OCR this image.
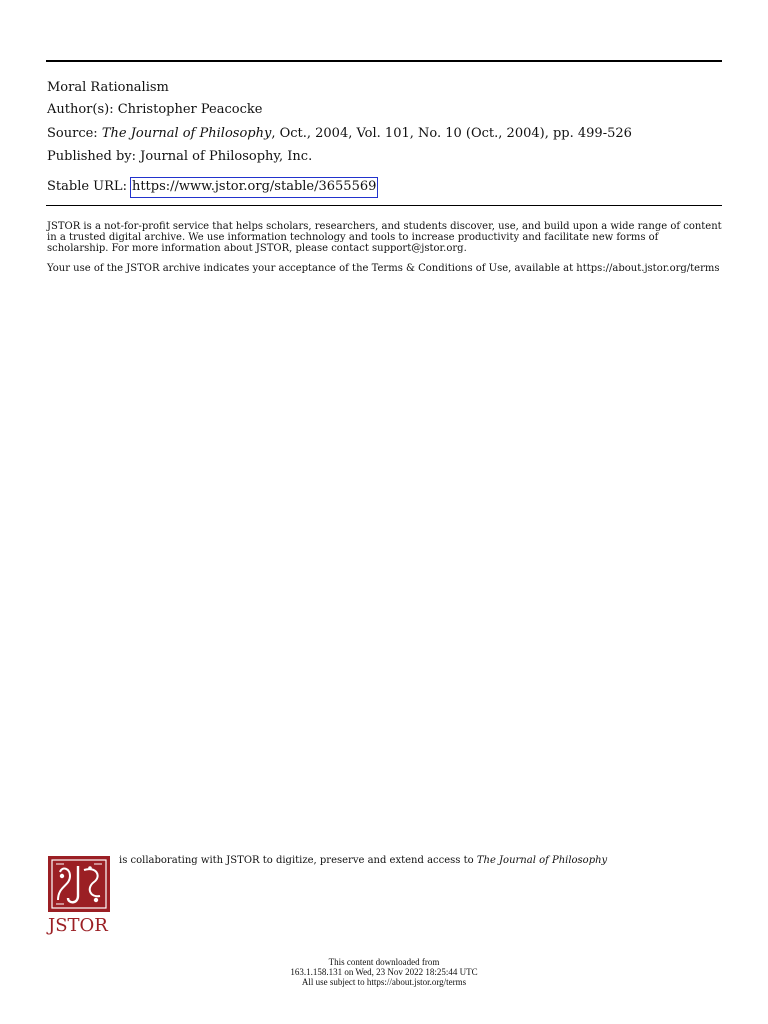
Moral Rationalism
Author(s): Christopher Peacocke
Source: The Journal of Philosophy, Oct., 2004, Vol. 101, No. 10 (Oct., 2004), pp. 499-526
Published by: Journal of Philosophy, Inc.
Stable URL: https://www.jstor.org/stable/3655569
JSTOR is a not-for-profit service that helps scholars, researchers, and students discover, use, and build upon a wide range of content in a trusted digital archive. We use information technology and tools to increase productivity and facilitate new forms of scholarship. For more information about JSTOR, please contact support@jstor.org.
Your use of the JSTOR archive indicates your acceptance of the Terms & Conditions of Use, available at https://about.jstor.org/terms
JSTOR
is collaborating with JSTOR to digitize, preserve and extend access to The Journal of Philosophy
This content downloaded from
163.1.158.131 on Wed, 23 Nov 2022 18:25:44 UTC
All use subject to https://about.jstor.org/terms
